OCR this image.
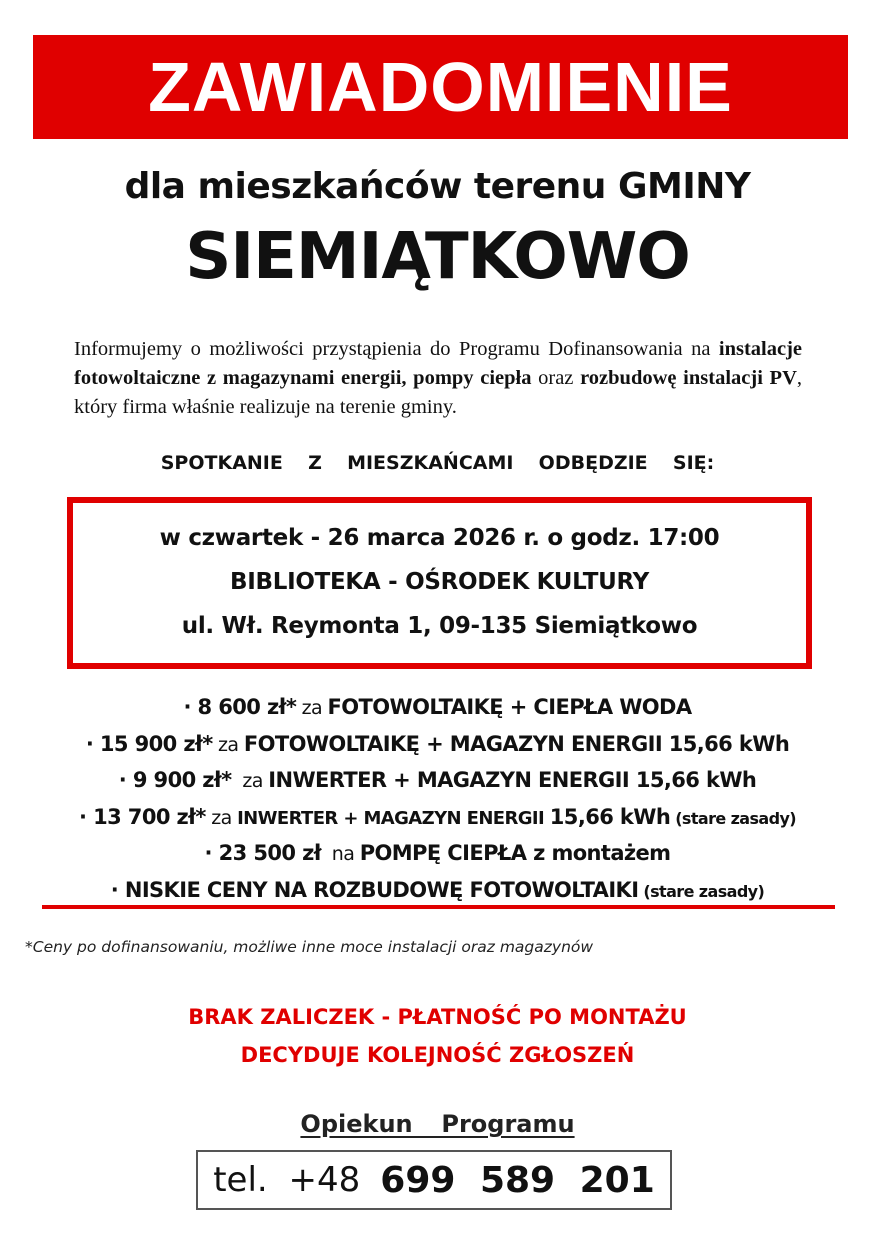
ZAWIADOMIENIE
dla mieszkańców terenu GMINY
SIEMIĄTKOWO
Informujemy o możliwości przystąpienia do Programu Dofinansowania na instalacje fotowoltaiczne z magazynami energii, pompy ciepła oraz rozbudowę instalacji PV, który firma właśnie realizuje na terenie gminy.
SPOTKANIE  Z  MIESZKAŃCAMI  ODBĘDZIE  SIĘ:
w czwartek - 26 marca 2026 r. o godz. 17:00
BIBLIOTEKA - OŚRODEK KULTURY
ul. Wł. Reymonta 1, 09-135 Siemiątkowo
· 8 600 zł* za FOTOWOLTAIKĘ + CIEPŁA WODA
· 15 900 zł* za FOTOWOLTAIKĘ + MAGAZYN ENERGII 15,66 kWh
· 9 900 zł*  za INWERTER + MAGAZYN ENERGII 15,66 kWh
· 13 700 zł* za INWERTER + MAGAZYN ENERGII 15,66 kWh (stare zasady)
· 23 500 zł  na POMPĘ CIEPŁA z montażem
· NISKIE CENY NA ROZBUDOWĘ FOTOWOLTAIKI (stare zasady)
*Ceny po dofinansowaniu, możliwe inne moce instalacji oraz magazynów
BRAK ZALICZEK - PŁATNOŚĆ PO MONTAŻU
DECYDUJE KOLEJNOŚĆ ZGŁOSZEŃ
Opiekun  Programu
tel. +48 699 589 201
